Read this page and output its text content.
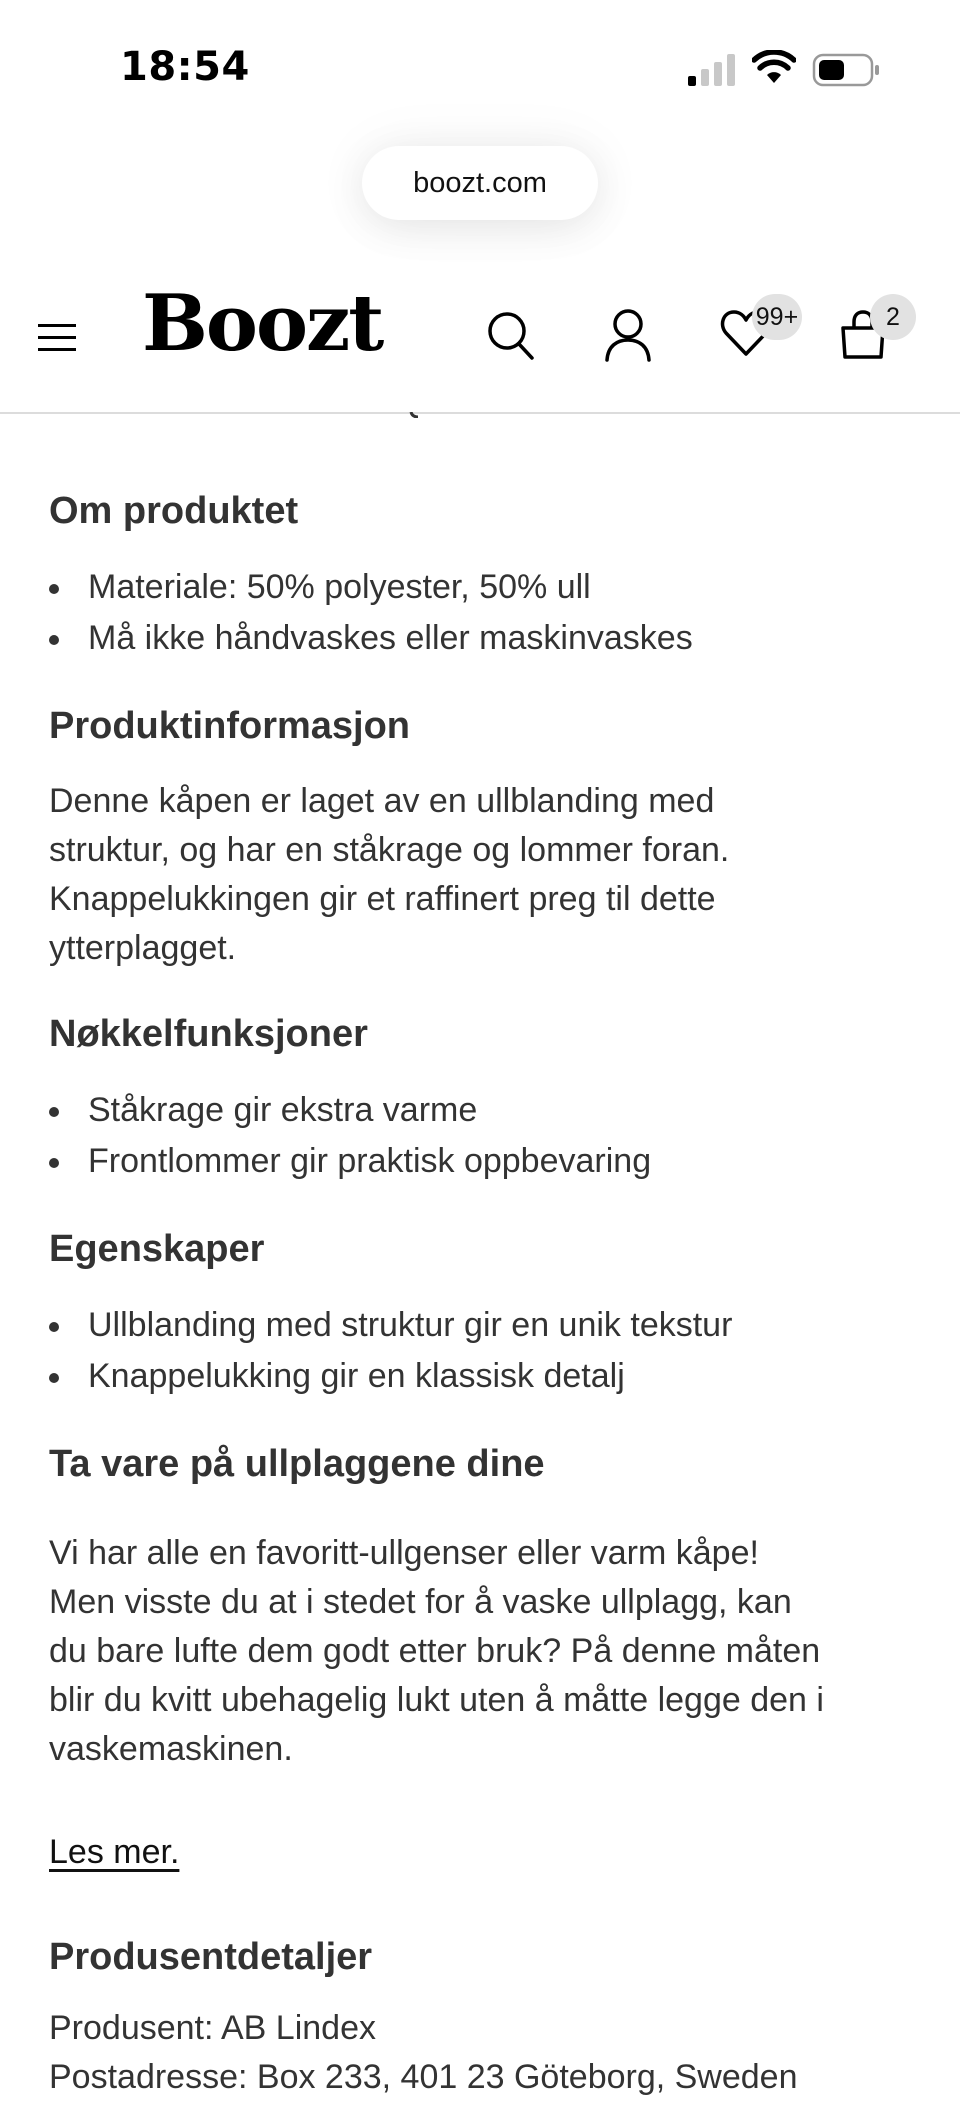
18:54
boozt.com
Boozt	99+	2
Om produktet
Materiale: 50% polyester, 50% ull
Må ikke håndvaskes eller maskinvaskes
Produktinformasjon

Denne kåpen er laget av en ullblanding med
struktur, og har en ståkrage og lommer foran.
Knappelukkingen gir et raffinert preg til dette
ytterplagget.

Nøkkelfunksjoner
Ståkrage gir ekstra varme
Frontlommer gir praktisk oppbevaring
Egenskaper
Ullblanding med struktur gir en unik tekstur
Knappelukking gir en klassisk detalj
Ta vare på ullplaggene dine

Vi har alle en favoritt-ullgenser eller varm kåpe!
Men visste du at i stedet for å vaske ullplagg, kan
du bare lufte dem godt etter bruk? På denne måten
blir du kvitt ubehagelig lukt uten å måtte legge den i
vaskemaskinen.

Les mer.
Produsentdetaljer

Produsent: AB Lindex
Postadresse: Box 233, 401 23 Göteborg, Sweden
